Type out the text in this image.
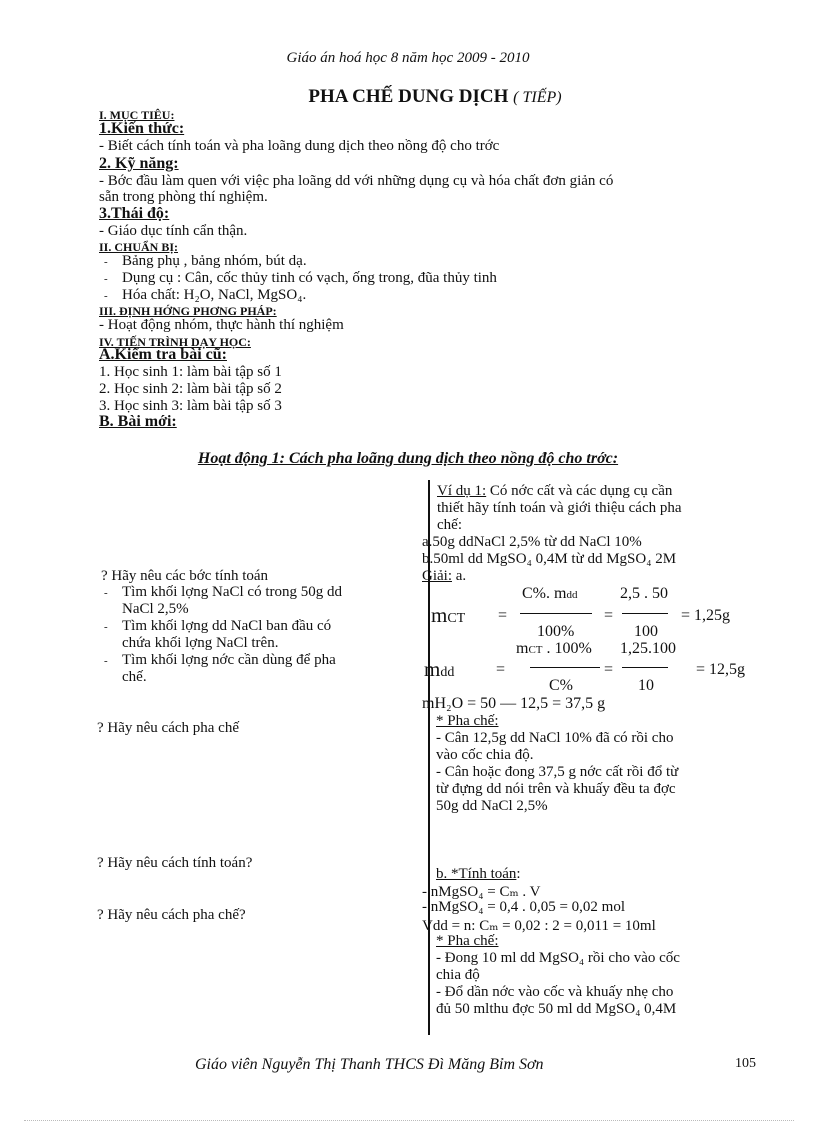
Giáo án hoá học 8 năm học 2009 - 2010
PHA CHẾ DUNG DỊCH ( TIẾP)
I. MỤC TIÊU:
1.Kiến thức:
- Biết cách tính toán và pha loãng dung dịch theo nồng độ cho trớc
2. Kỹ năng:
- Bớc đầu làm quen với việc pha loãng dd với những dụng cụ và hóa chất đơn giản có
sẵn trong phòng thí nghiệm.
3.Thái độ:
- Giáo dục tính cẩn thận.
II. CHUẨN BỊ:
- Bảng phụ , bảng nhóm, bút dạ.
- Dụng cụ : Cân, cốc thủy tinh có vạch, ống trong, đũa thủy tinh
- Hóa chất: H₂O, NaCl, MgSO₄.
III. ĐỊNH HỚNG PHƠNG PHÁP:
- Hoạt động nhóm, thực hành thí nghiệm
IV. TIẾN TRÌNH DẠY HỌC:
A.Kiểm tra bài cũ:
1. Học sinh 1: làm bài tập số 1
2. Học sinh 2: làm bài tập số 2
3. Học sinh 3: làm bài tập số 3
B. Bài mới:
Hoạt động 1: Cách pha loãng dung dịch theo nồng độ cho trớc:
? Hãy nêu các bớc tính toán
- Tìm khối lợng NaCl có trong 50g dd
NaCl 2,5%
- Tìm khối lợng dd NaCl ban đầu có
chứa khối lợng NaCl trên.
- Tìm khối lợng nớc cần dùng để pha
chế.
? Hãy nêu cách pha chế
? Hãy nêu cách tính toán?
? Hãy nêu cách pha chế?
Ví dụ 1: Có nớc cất và các dụng cụ cần
thiết hãy tính toán và giới thiệu cách pha
chế:
a.50g ddNaCl 2,5% từ dd NaCl 10%
b.50ml dd MgSO₄ 0,4M từ dd MgSO₄ 2M
Giải: a.
mCT =
C%. mdd
100%
=
2,5 . 50
100
= 1,25g
mdd	=
mCT . 100%
C%
=
1,25.100
10
= 12,5g
mH₂O = 50 — 12,5 = 37,5 g
* Pha chế:
- Cân 12,5g dd NaCl 10% đã có rồi cho
vào cốc chia độ.
- Cân hoặc đong 37,5 g nớc cất rồi đổ từ
từ đựng dd nói trên và khuấy đều ta đợc
50g dd NaCl 2,5%
b. *Tính toán:
- nMgSO₄ = Cₘ . V
- nMgSO₄ = 0,4 . 0,05 = 0,02 mol
Vdd = n: Cₘ = 0,02 : 2 = 0,011 = 10ml
* Pha chế:
- Đong 10 ml dd MgSO₄ rồi cho vào cốc
chia độ
- Đổ dần nớc vào cốc và khuấy nhẹ cho
đủ 50 mlthu đợc 50 ml dd MgSO₄ 0,4M
Giáo viên Nguyễn Thị Thanh THCS Đì Măng Bỉm Sơn	105
